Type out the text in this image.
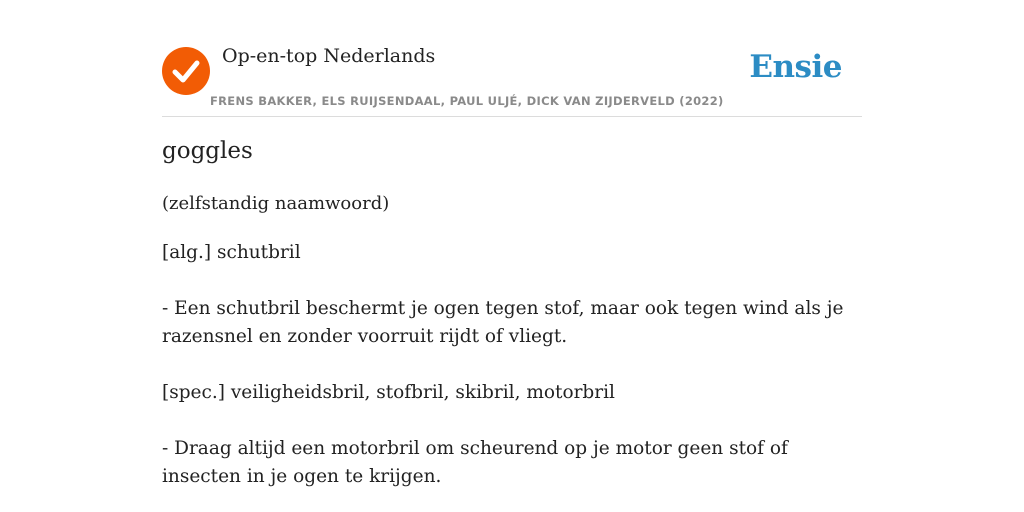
Op-en-top Nederlands
FRENS BAKKER, ELS RUIJSENDAAL, PAUL ULJÉ, DICK VAN ZIJDERVELD (2022)
Ensie
goggles
(zelfstandig naamwoord)

[alg.] schutbril

- Een schutbril beschermt je ogen tegen stof, maar ook tegen wind als je razensnel en zonder voorruit rijdt of vliegt.

[spec.] veiligheidsbril, stofbril, skibril, motorbril

- Draag altijd een motorbril om scheurend op je motor geen stof of insecten in je ogen te krijgen.
